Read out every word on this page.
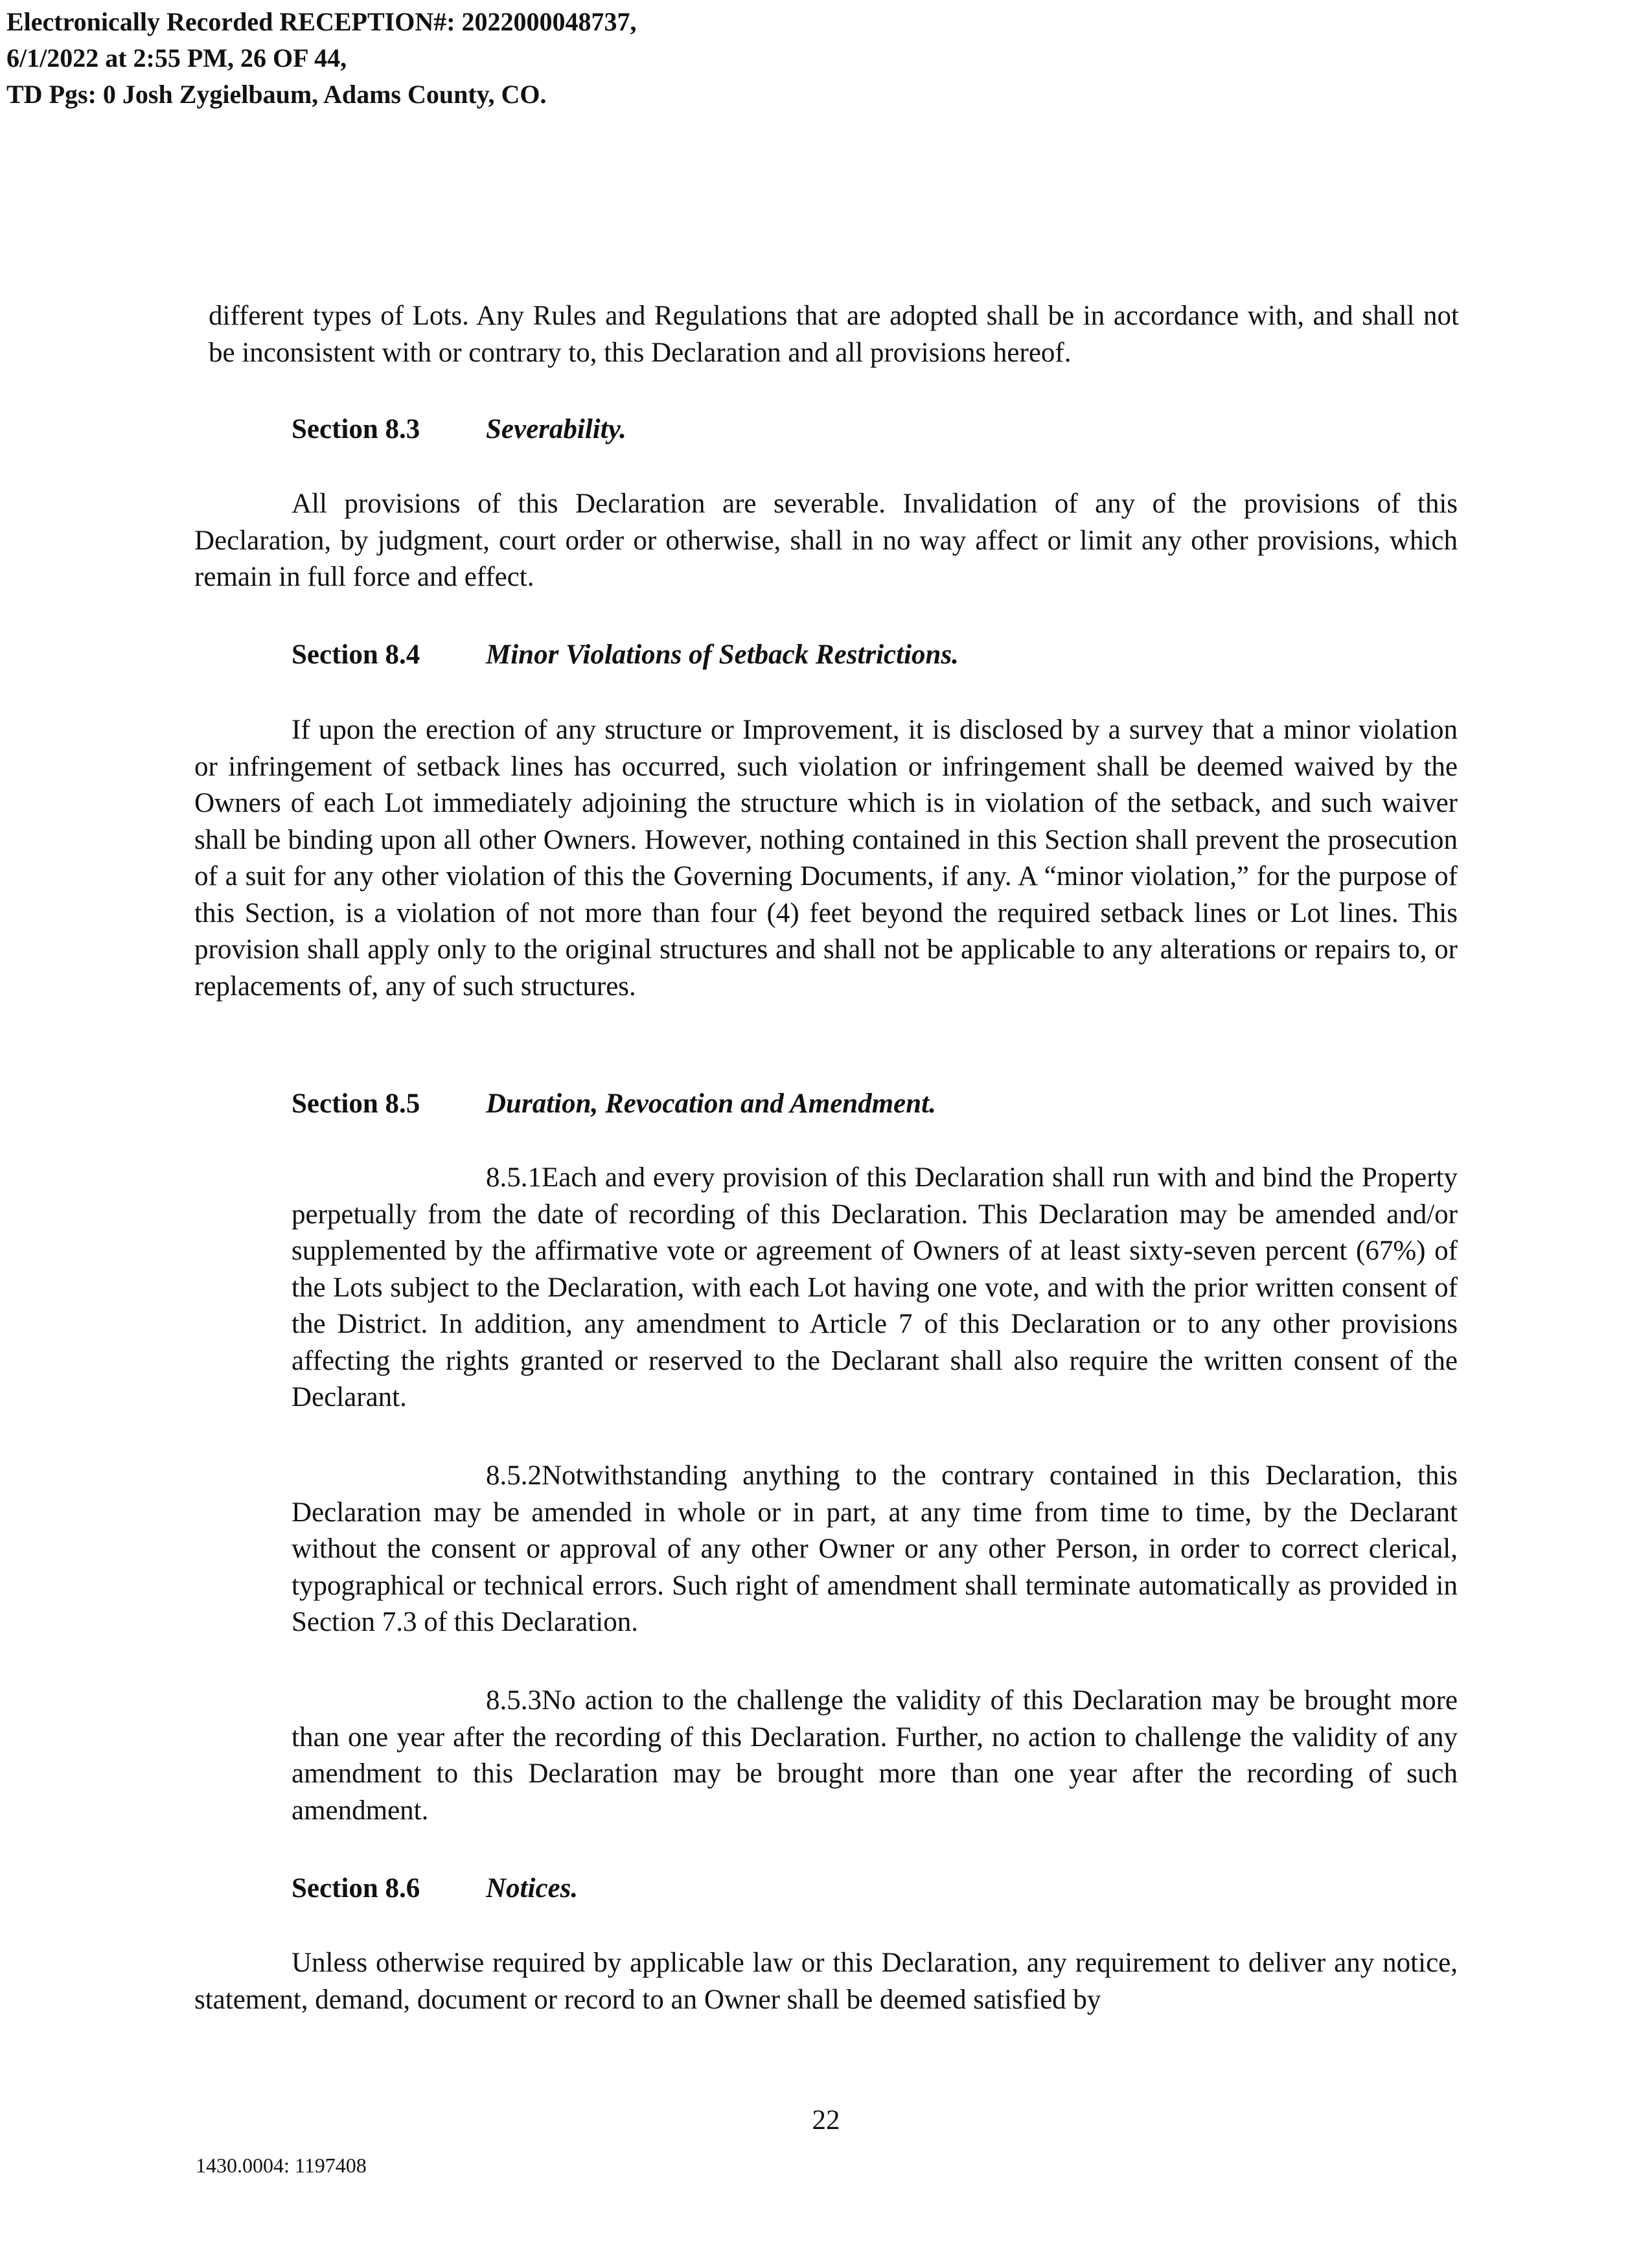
Electronically Recorded RECEPTION#: 2022000048737,
6/1/2022 at 2:55 PM, 26 OF 44,
TD Pgs: 0 Josh Zygielbaum, Adams County, CO.

different types of Lots. Any Rules and Regulations that are adopted shall be in accordance with, and shall not be inconsistent with or contrary to, this Declaration and all provisions hereof.

Section 8.3 Severability.

All provisions of this Declaration are severable. Invalidation of any of the provisions of this Declaration, by judgment, court order or otherwise, shall in no way affect or limit any other provisions, which remain in full force and effect.

Section 8.4 Minor Violations of Setback Restrictions.

If upon the erection of any structure or Improvement, it is disclosed by a survey that a minor violation or infringement of setback lines has occurred, such violation or infringement shall be deemed waived by the Owners of each Lot immediately adjoining the structure which is in violation of the setback, and such waiver shall be binding upon all other Owners. However, nothing contained in this Section shall prevent the prosecution of a suit for any other violation of this the Governing Documents, if any. A “minor violation,” for the purpose of this Section, is a violation of not more than four (4) feet beyond the required setback lines or Lot lines. This provision shall apply only to the original structures and shall not be applicable to any alterations or repairs to, or replacements of, any of such structures.

Section 8.5 Duration, Revocation and Amendment.

8.5.1Each and every provision of this Declaration shall run with and bind the Property perpetually from the date of recording of this Declaration. This Declaration may be amended and/or supplemented by the affirmative vote or agreement of Owners of at least sixty-seven percent (67%) of the Lots subject to the Declaration, with each Lot having one vote, and with the prior written consent of the District. In addition, any amendment to Article 7 of this Declaration or to any other provisions affecting the rights granted or reserved to the Declarant shall also require the written consent of the Declarant.

8.5.2Notwithstanding anything to the contrary contained in this Declaration, this Declaration may be amended in whole or in part, at any time from time to time, by the Declarant without the consent or approval of any other Owner or any other Person, in order to correct clerical, typographical or technical errors. Such right of amendment shall terminate automatically as provided in Section 7.3 of this Declaration.

8.5.3No action to the challenge the validity of this Declaration may be brought more than one year after the recording of this Declaration. Further, no action to challenge the validity of any amendment to this Declaration may be brought more than one year after the recording of such amendment.

Section 8.6 Notices.

Unless otherwise required by applicable law or this Declaration, any requirement to deliver any notice, statement, demand, document or record to an Owner shall be deemed satisfied by

22
1430.0004: 1197408
